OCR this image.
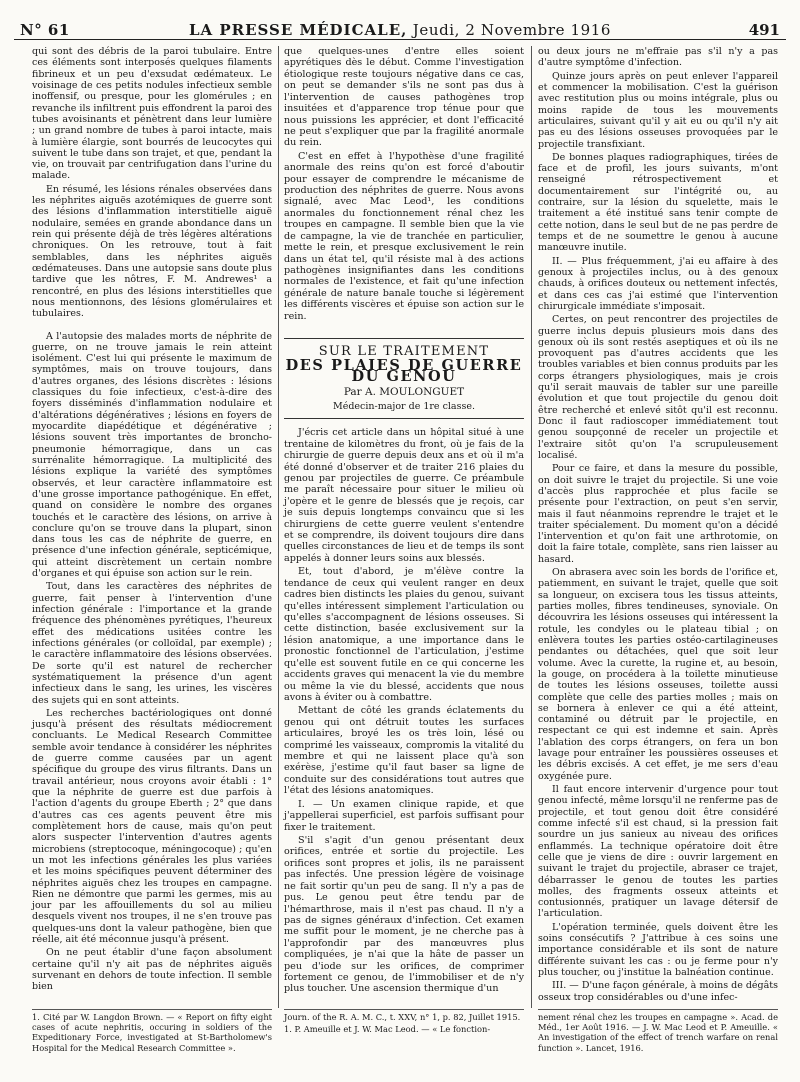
N° 61	LA PRESSE MÉDICALE, Jeudi, 2 Novembre 1916	491

qui sont des débris de la paroi tubulaire. Entre ces éléments sont interposés quelques filaments fibrineux et un peu d'exsudat œdémateux. Le voisinage de ces petits nodules infectieux semble inoffensif, ou presque, pour les glomérules ; en revanche ils infiltrent puis effondrent la paroi des tubes avoisinants et pénètrent dans leur lumière ; un grand nombre de tubes à paroi intacte, mais à lumière élargie, sont bourrés de leucocytes qui suivent le tube dans son trajet, et que, pendant la vie, on trouvait par centrifugation dans l'urine du malade.

En résumé, les lésions rénales observées dans les néphrites aiguës azotémiques de guerre sont des lésions d'inflammation interstitielle aiguë nodulaire, semées en grande abondance dans un rein qui présente déjà de très légères altérations chroniques. On les retrouve, tout à fait semblables, dans les néphrites aiguës œdémateuses. Dans une autopsie sans doute plus tardive que les nôtres, F. M. Andrewes¹ a rencontré, en plus des lésions interstitielles que nous mentionnons, des lésions glomérulaires et tubulaires.

A l'autopsie des malades morts de néphrite de guerre, on ne trouve jamais le rein atteint isolément. C'est lui qui présente le maximum de symptômes, mais on trouve toujours, dans d'autres organes, des lésions discrètes : lésions classiques du foie infectieux, c'est-à-dire des foyers disséminés d'inflammation nodulaire et d'altérations dégénératives ; lésions en foyers de myocardite diapédétique et dégénérative ; lésions souvent très importantes de broncho-pneumonie hémorragique, dans un cas surrénalite hémorragique. La multiplicité des lésions explique la variété des symptômes observés, et leur caractère inflammatoire est d'une grosse importance pathogénique. En effet, quand on considère le nombre des organes touchés et le caractère des lésions, on arrive à conclure qu'on se trouve dans la plupart, sinon dans tous les cas de néphrite de guerre, en présence d'une infection générale, septicémique, qui atteint discrètement un certain nombre d'organes et qui épuise son action sur le rein.

Tout, dans les caractères des néphrites de guerre, fait penser à l'intervention d'une infection générale : l'importance et la grande fréquence des phénomènes pyrétiques, l'heureux effet des médications usitées contre les infections générales (or colloïdal, par exemple) ; le caractère inflammatoire des lésions observées. De sorte qu'il est naturel de rechercher systématiquement la présence d'un agent infectieux dans le sang, les urines, les viscères des sujets qui en sont atteints.

Les recherches bactériologiques ont donné jusqu'à présent des résultats médiocrement concluants. Le Medical Research Committee semble avoir tendance à considérer les néphrites de guerre comme causées par un agent spécifique du groupe des virus filtrants. Dans un travail antérieur, nous croyons avoir établi : 1° que la néphrite de guerre est due parfois à l'action d'agents du groupe Eberth ; 2° que dans d'autres cas ces agents peuvent être mis complètement hors de cause, mais qu'on peut alors suspecter l'intervention d'autres agents microbiens (streptocoque, méningocoque) ; qu'en un mot les infections générales les plus variées et les moins spécifiques peuvent déterminer des néphrites aiguës chez les troupes en campagne. Rien ne démontre que parmi les germes, mis au jour par les affouillements du sol au milieu desquels vivent nos troupes, il ne s'en trouve pas quelques-uns dont la valeur pathogène, bien que réelle, ait été méconnue jusqu'à présent.

On ne peut établir d'une façon absolument certaine qu'il n'y ait pas de néphrites aiguës survenant en dehors de toute infection. Il semble bien

que quelques-unes d'entre elles soient apyrétiques dès le début. Comme l'investigation étiologique reste toujours négative dans ce cas, on peut se demander s'ils ne sont pas dus à l'intervention de causes pathogènes trop insuitées et d'apparence trop ténue pour que nous puissions les apprécier, et dont l'efficacité ne peut s'expliquer que par la fragilité anormale du rein.

C'est en effet à l'hypothèse d'une fragilité anormale des reins qu'on est forcé d'aboutir pour essayer de comprendre le mécanisme de production des néphrites de guerre. Nous avons signalé, avec Mac Leod¹, les conditions anormales du fonctionnement rénal chez les troupes en campagne. Il semble bien que la vie de campagne, la vie de tranchée en particulier, mette le rein, et presque exclusivement le rein dans un état tel, qu'il résiste mal à des actions pathogènes insignifiantes dans les conditions normales de l'existence, et fait qu'une infection générale de nature banale touche si légèrement les différents viscères et épuise son action sur le rein.

SUR LE TRAITEMENT
DES PLAIES DE GUERRE DU GENOU
Par A. MOULONGUET
Médecin-major de 1re classe.

J'écris cet article dans un hôpital situé à une trentaine de kilomètres du front, où je fais de la chirurgie de guerre depuis deux ans et où il m'a été donné d'observer et de traiter 216 plaies du genou par projectiles de guerre. Ce préambule me paraît nécessaire pour situer le milieu où j'opère et le genre de blessés que je reçois, car je suis depuis longtemps convaincu que si les chirurgiens de cette guerre veulent s'entendre et se comprendre, ils doivent toujours dire dans quelles circonstances de lieu et de temps ils sont appelés à donner leurs soins aux blessés.

Et, tout d'abord, je m'élève contre la tendance de ceux qui veulent ranger en deux cadres bien distincts les plaies du genou, suivant qu'elles intéressent simplement l'articulation ou qu'elles s'accompagnent de lésions osseuses. Si cette distinction, basée exclusivement sur la lésion anatomique, a une importance dans le pronostic fonctionnel de l'articulation, j'estime qu'elle est souvent futile en ce qui concerne les accidents graves qui menacent la vie du membre ou même la vie du blessé, accidents que nous avons à éviter ou à combattre.

Mettant de côté les grands éclatements du genou qui ont détruit toutes les surfaces articulaires, broyé les os très loin, lésé ou comprimé les vaisseaux, compromis la vitalité du membre et qui ne laissent place qu'à son exérèse, j'estime qu'il faut baser sa ligne de conduite sur des considérations tout autres que l'état des lésions anatomiques.

I. — Un examen clinique rapide, et que j'appellerai superficiel, est parfois suffisant pour fixer le traitement.

S'il s'agit d'un genou présentant deux orifices, entrée et sortie du projectile. Les orifices sont propres et jolis, ils ne paraissent pas infectés. Une pression légère de voisinage ne fait sortir qu'un peu de sang. Il n'y a pas de pus. Le genou peut être tendu par de l'hémarthrose, mais il n'est pas chaud. Il n'y a pas de signes généraux d'infection. Cet examen me suffit pour le moment, je ne cherche pas à l'approfondir par des manœuvres plus compliquées, je n'ai que la hâte de passer un peu d'iode sur les orifices, de comprimer fortement ce genou, de l'immobiliser et de n'y plus toucher. Une ascension thermique d'un

ou deux jours ne m'effraie pas s'il n'y a pas d'autre symptôme d'infection.

Quinze jours après on peut enlever l'appareil et commencer la mobilisation. C'est la guérison avec restitution plus ou moins intégrale, plus ou moins rapide de tous les mouvements articulaires, suivant qu'il y ait eu ou qu'il n'y ait pas eu des lésions osseuses provoquées par le projectile transfixiant.

De bonnes plaques radiographiques, tirées de face et de profil, les jours suivants, m'ont renseigné rétrospectivement et documentairement sur l'intégrité ou, au contraire, sur la lésion du squelette, mais le traitement a été institué sans tenir compte de cette notion, dans le seul but de ne pas perdre de temps et de ne soumettre le genou à aucune manœuvre inutile.

II. — Plus fréquemment, j'ai eu affaire à des genoux à projectiles inclus, ou à des genoux chauds, à orifices douteux ou nettement infectés, et dans ces cas j'ai estimé que l'intervention chirurgicale immédiate s'imposait.

Certes, on peut rencontrer des projectiles de guerre inclus depuis plusieurs mois dans des genoux où ils sont restés aseptiques et où ils ne provoquent pas d'autres accidents que les troubles variables et bien connus produits par les corps étrangers physiologiques, mais je crois qu'il serait mauvais de tabler sur une pareille évolution et que tout projectile du genou doit être recherché et enlevé sitôt qu'il est reconnu. Donc il faut radioscoper immédiatement tout genou soupçonné de receler un projectile et l'extraire sitôt qu'on l'a scrupuleusement localisé.

Pour ce faire, et dans la mesure du possible, on doit suivre le trajet du projectile. Si une voie d'accès plus rapprochée et plus facile se présente pour l'extraction, on peut s'en servir, mais il faut néanmoins reprendre le trajet et le traiter spécialement. Du moment qu'on a décidé l'intervention et qu'on fait une arthrotomie, on doit la faire totale, complète, sans rien laisser au hasard.

On abrasera avec soin les bords de l'orifice et, patiemment, en suivant le trajet, quelle que soit sa longueur, on excisera tous les tissus atteints, parties molles, fibres tendineuses, synoviale. On découvrira les lésions osseuses qui intéressent la rotule, les condyles ou le plateau tibial ; on enlèvera toutes les parties ostéo-cartilagineuses pendantes ou détachées, quel que soit leur volume. Avec la curette, la rugine et, au besoin, la gouge, on procédera à la toilette minutieuse de toutes les lésions osseuses, toilette aussi complète que celle des parties molles ; mais on se bornera à enlever ce qui a été atteint, contaminé ou détruit par le projectile, en respectant ce qui est indemne et sain. Après l'ablation des corps étrangers, on fera un bon lavage pour entraîner les poussières osseuses et les débris excisés. A cet effet, je me sers d'eau oxygénée pure.

Il faut encore intervenir d'urgence pour tout genou infecté, même lorsqu'il ne renferme pas de projectile, et tout genou doit être considéré comme infecté s'il est chaud, si la pression fait sourdre un jus sanieux au niveau des orifices enflammés. La technique opératoire doit être celle que je viens de dire : ouvrir largement en suivant le trajet du projectile, abraser ce trajet, débarrasser le genou de toutes les parties molles, des fragments osseux atteints et contusionnés, pratiquer un lavage détersif de l'articulation.

L'opération terminée, quels doivent être les soins consécutifs ? J'attribue à ces soins une importance considérable et ils sont de nature différente suivant les cas : ou je ferme pour n'y plus toucher, ou j'institue la balnéation continue.

III. — D'une façon générale, à moins de dégâts osseux trop considérables ou d'une infec-

1. Cité par W. Langdon Brown. — « Report on fifty eight cases of acute nephritis, occuring in soldiers of the Expeditionary Force, investigated at St-Bartholomew's Hospital for the Medical Research Committee ».

Journ. of the R. A. M. C., t. XXV, n° 1, p. 82, Juillet 1915.

1. P. Ameuille et J. W. Mac Leod. — « Le fonction-

nement rénal chez les troupes en campagne ». Acad. de Méd., 1er Août 1916. — J. W. Mac Leod et P. Ameuille. « An investigation of the effect of trench warfare on renal function ». Lancet, 1916.
